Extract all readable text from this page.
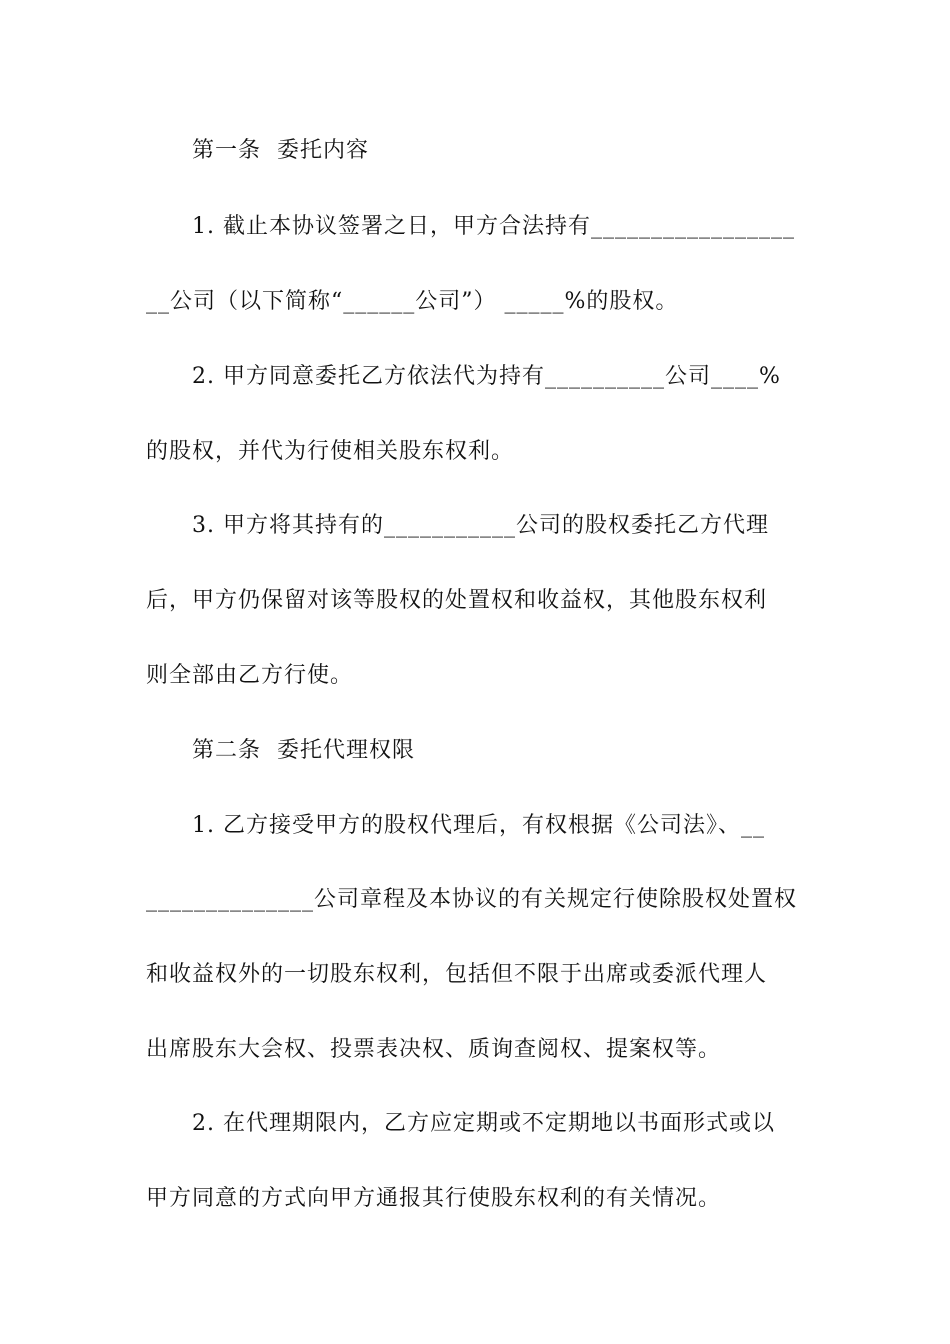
第一条  委托内容
1. 截止本协议签署之日，甲方合法持有_________________
__公司（以下简称“______公司”） _____%的股权。
2. 甲方同意委托乙方依法代为持有__________公司____%
的股权，并代为行使相关股东权利。
3. 甲方将其持有的___________公司的股权委托乙方代理
后，甲方仍保留对该等股权的处置权和收益权，其他股东权利
则全部由乙方行使。
第二条  委托代理权限
1. 乙方接受甲方的股权代理后，有权根据《公司法》、__
______________公司章程及本协议的有关规定行使除股权处置权
和收益权外的一切股东权利，包括但不限于出席或委派代理人
出席股东大会权、投票表决权、质询查阅权、提案权等。
2. 在代理期限内，乙方应定期或不定期地以书面形式或以
甲方同意的方式向甲方通报其行使股东权利的有关情况。
